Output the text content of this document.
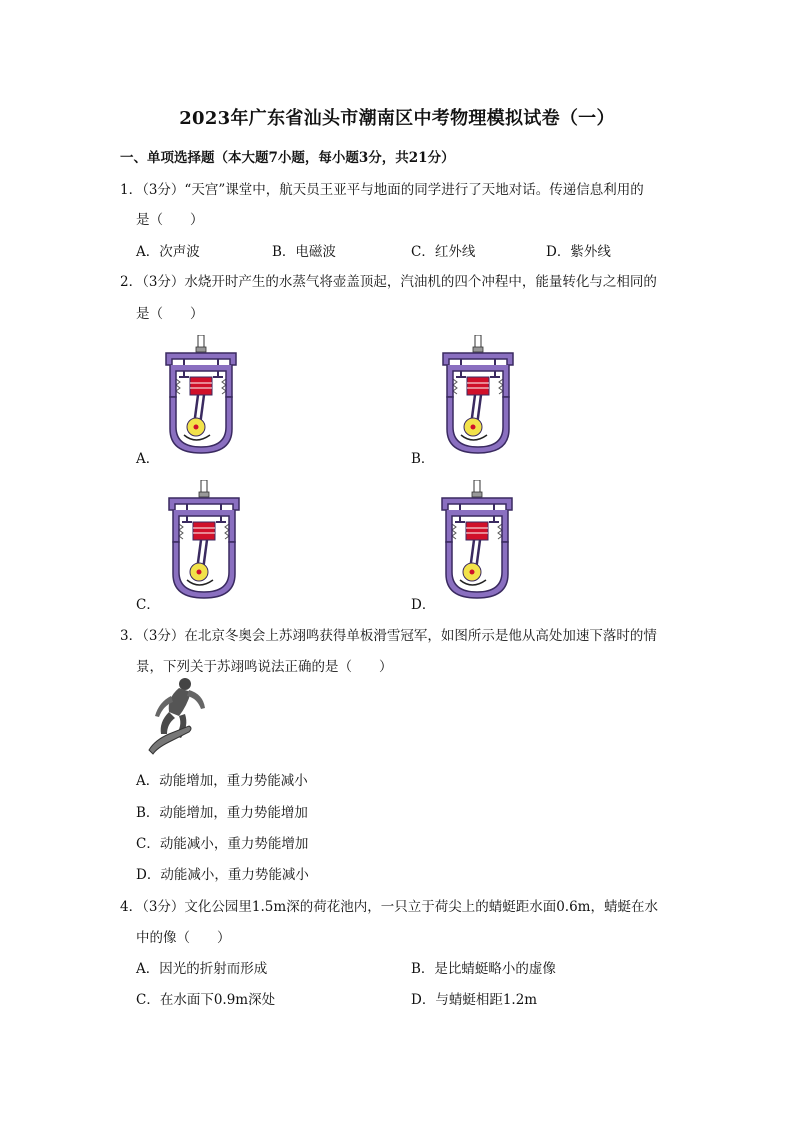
2023年广东省汕头市潮南区中考物理模拟试卷（一）
一、单项选择题（本大题7小题，每小题3分，共21分）
1．（3分）“天宫”课堂中，航天员王亚平与地面的同学进行了天地对话。传递信息利用的
是（　　）
A．次声波	B．电磁波	C．红外线	D．紫外线
2．（3分）水烧开时产生的水蒸气将壶盖顶起，汽油机的四个冲程中，能量转化与之相同的
是（　　）
A．	B．
C．	D．
3．（3分）在北京冬奥会上苏翊鸣获得单板滑雪冠军，如图所示是他从高处加速下落时的情
景，下列关于苏翊鸣说法正确的是（　　）
A．动能增加，重力势能减小
B．动能增加，重力势能增加
C．动能减小，重力势能增加
D．动能减小，重力势能减小
4．（3分）文化公园里1.5m深的荷花池内，一只立于荷尖上的蜻蜓距水面0.6m，蜻蜓在水
中的像（　　）
A．因光的折射而形成	B．是比蜻蜓略小的虚像
C．在水面下0.9m深处	D．与蜻蜓相距1.2m
